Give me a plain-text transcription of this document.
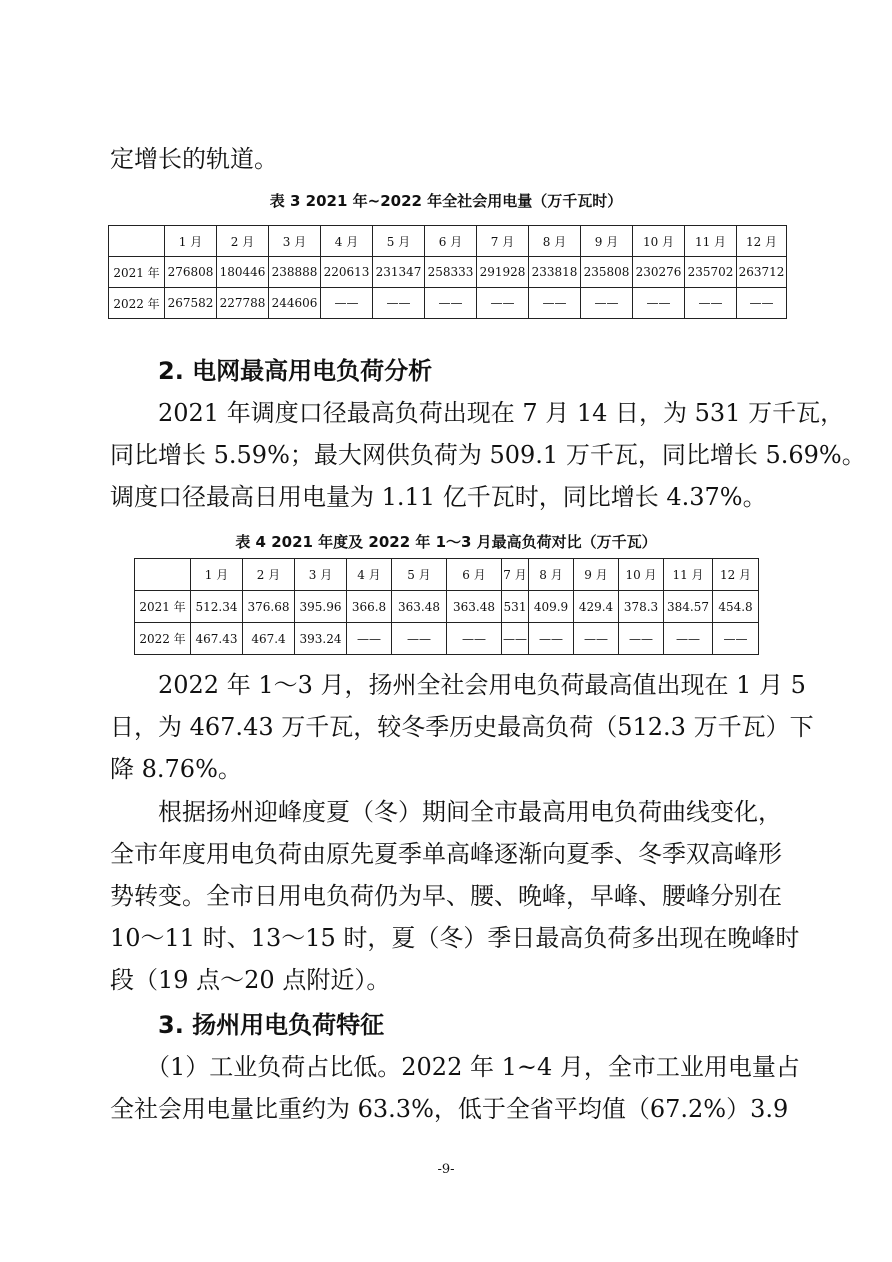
定增长的轨道。
表 3 2021 年~2022 年全社会用电量（万千瓦时）
	1 月	2 月	3 月	4 月	5 月	6 月	7 月	8 月	9 月	10 月	11 月	12 月
2021 年	276808	180446	238888	220613	231347	258333	291928	233818	235808	230276	235702	263712
2022 年	267582	227788	244606	——	——	——	——	——	——	——	——	——
2. 电网最高用电负荷分析
2021 年调度口径最高负荷出现在 7 月 14 日，为 531 万千瓦，
同比增长 5.59%；最大网供负荷为 509.1 万千瓦，同比增长 5.69%。
调度口径最高日用电量为 1.11 亿千瓦时，同比增长 4.37%。
表 4 2021 年度及 2022 年 1～3 月最高负荷对比（万千瓦）
	1 月	2 月	3 月	4 月	5 月	6 月	7 月	8 月	9 月	10 月	11 月	12 月
2021 年	512.34	376.68	395.96	366.8	363.48	363.48	531	409.9	429.4	378.3	384.57	454.8
2022 年	467.43	467.4	393.24	——	——	——	——	——	——	——	——	——
2022 年 1～3 月，扬州全社会用电负荷最高值出现在 1 月 5
日，为 467.43 万千瓦，较冬季历史最高负荷（512.3 万千瓦）下
降 8.76%。
根据扬州迎峰度夏（冬）期间全市最高用电负荷曲线变化，
全市年度用电负荷由原先夏季单高峰逐渐向夏季、冬季双高峰形
势转变。全市日用电负荷仍为早、腰、晚峰，早峰、腰峰分别在
10～11 时、13～15 时，夏（冬）季日最高负荷多出现在晚峰时
段（19 点～20 点附近）。
3. 扬州用电负荷特征
（1）工业负荷占比低。2022 年 1~4 月，全市工业用电量占
全社会用电量比重约为 63.3%，低于全省平均值（67.2%）3.9
-9-
